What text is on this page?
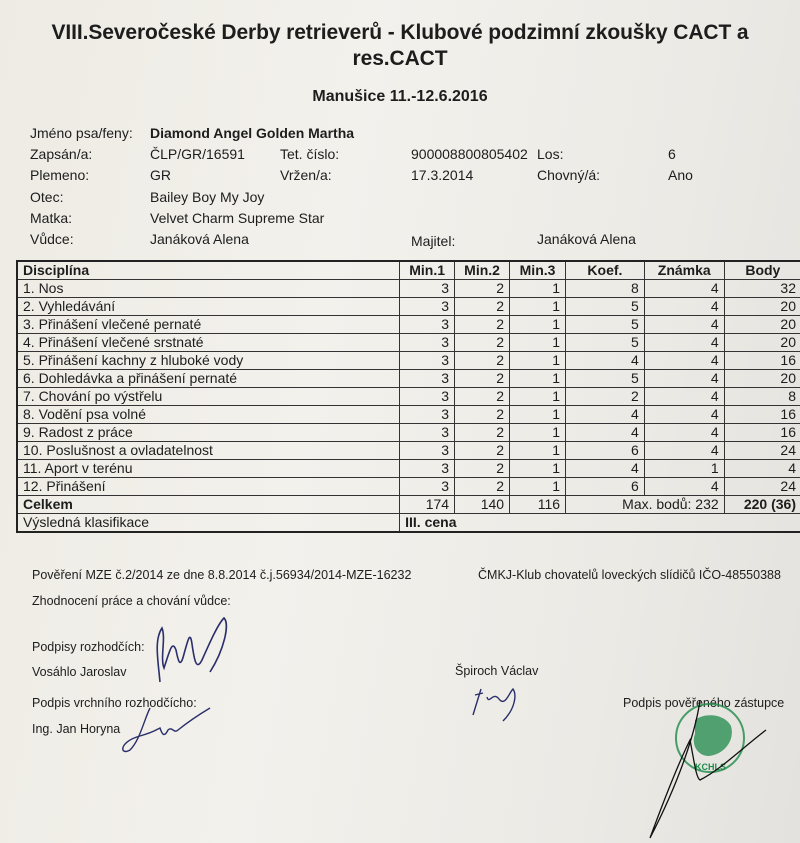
VIII.Severočeské Derby retrieverů - Klubové podzimní zkoušky CACT a
res.CACT
Manušice 11.-12.6.2016
Jméno psa/feny: Diamond Angel Golden Martha
Zapsán/a:	ČLP/GR/16591	Tet. číslo:	900008800805402 Los:	6
Plemeno:	GR	Vržen/a:	17.3.2014	Chovný/á:	Ano
Otec:	Bailey Boy My Joy
Matka:	Velvet Charm Supreme Star
Vůdce:	Janáková Alena	Majitel:	Janáková Alena
Disciplína	Min.1	Min.2	Min.3	Koef.	Známka	Body
1. Nos	3	2	1	8	4	32
2. Vyhledávání	3	2	1	5	4	20
3. Přinášení vlečené pernaté	3	2	1	5	4	20
4. Přinášení vlečené srstnaté	3	2	1	5	4	20
5. Přinášení kachny z hluboké vody	3	2	1	4	4	16
6. Dohledávka a přinášení pernaté	3	2	1	5	4	20
7. Chování po výstřelu	3	2	1	2	4	8
8. Vodění psa volné	3	2	1	4	4	16
9. Radost z práce	3	2	1	4	4	16
10. Poslušnost a ovladatelnost	3	2	1	6	4	24
11. Aport v terénu	3	2	1	4	1	4
12. Přinášení	3	2	1	6	4	24
Celkem	174	140	116	Max. bodů: 232		220 (36)
Výsledná klasifikace	III. cena					
Pověření MZE č.2/2014 ze dne 8.8.2014 č.j.56934/2014-MZE-16232	ČMKJ-Klub chovatelů loveckých slídičů IČO-48550388
Zhodnocení práce a chování vůdce:
Podpisy rozhodčích:
Vosáhlo Jaroslav	Špiroch Václav
Podpis vrchního rozhodčícho:
Ing. Jan Horyna
Podpis pověřeného zástupce
KCHLS
